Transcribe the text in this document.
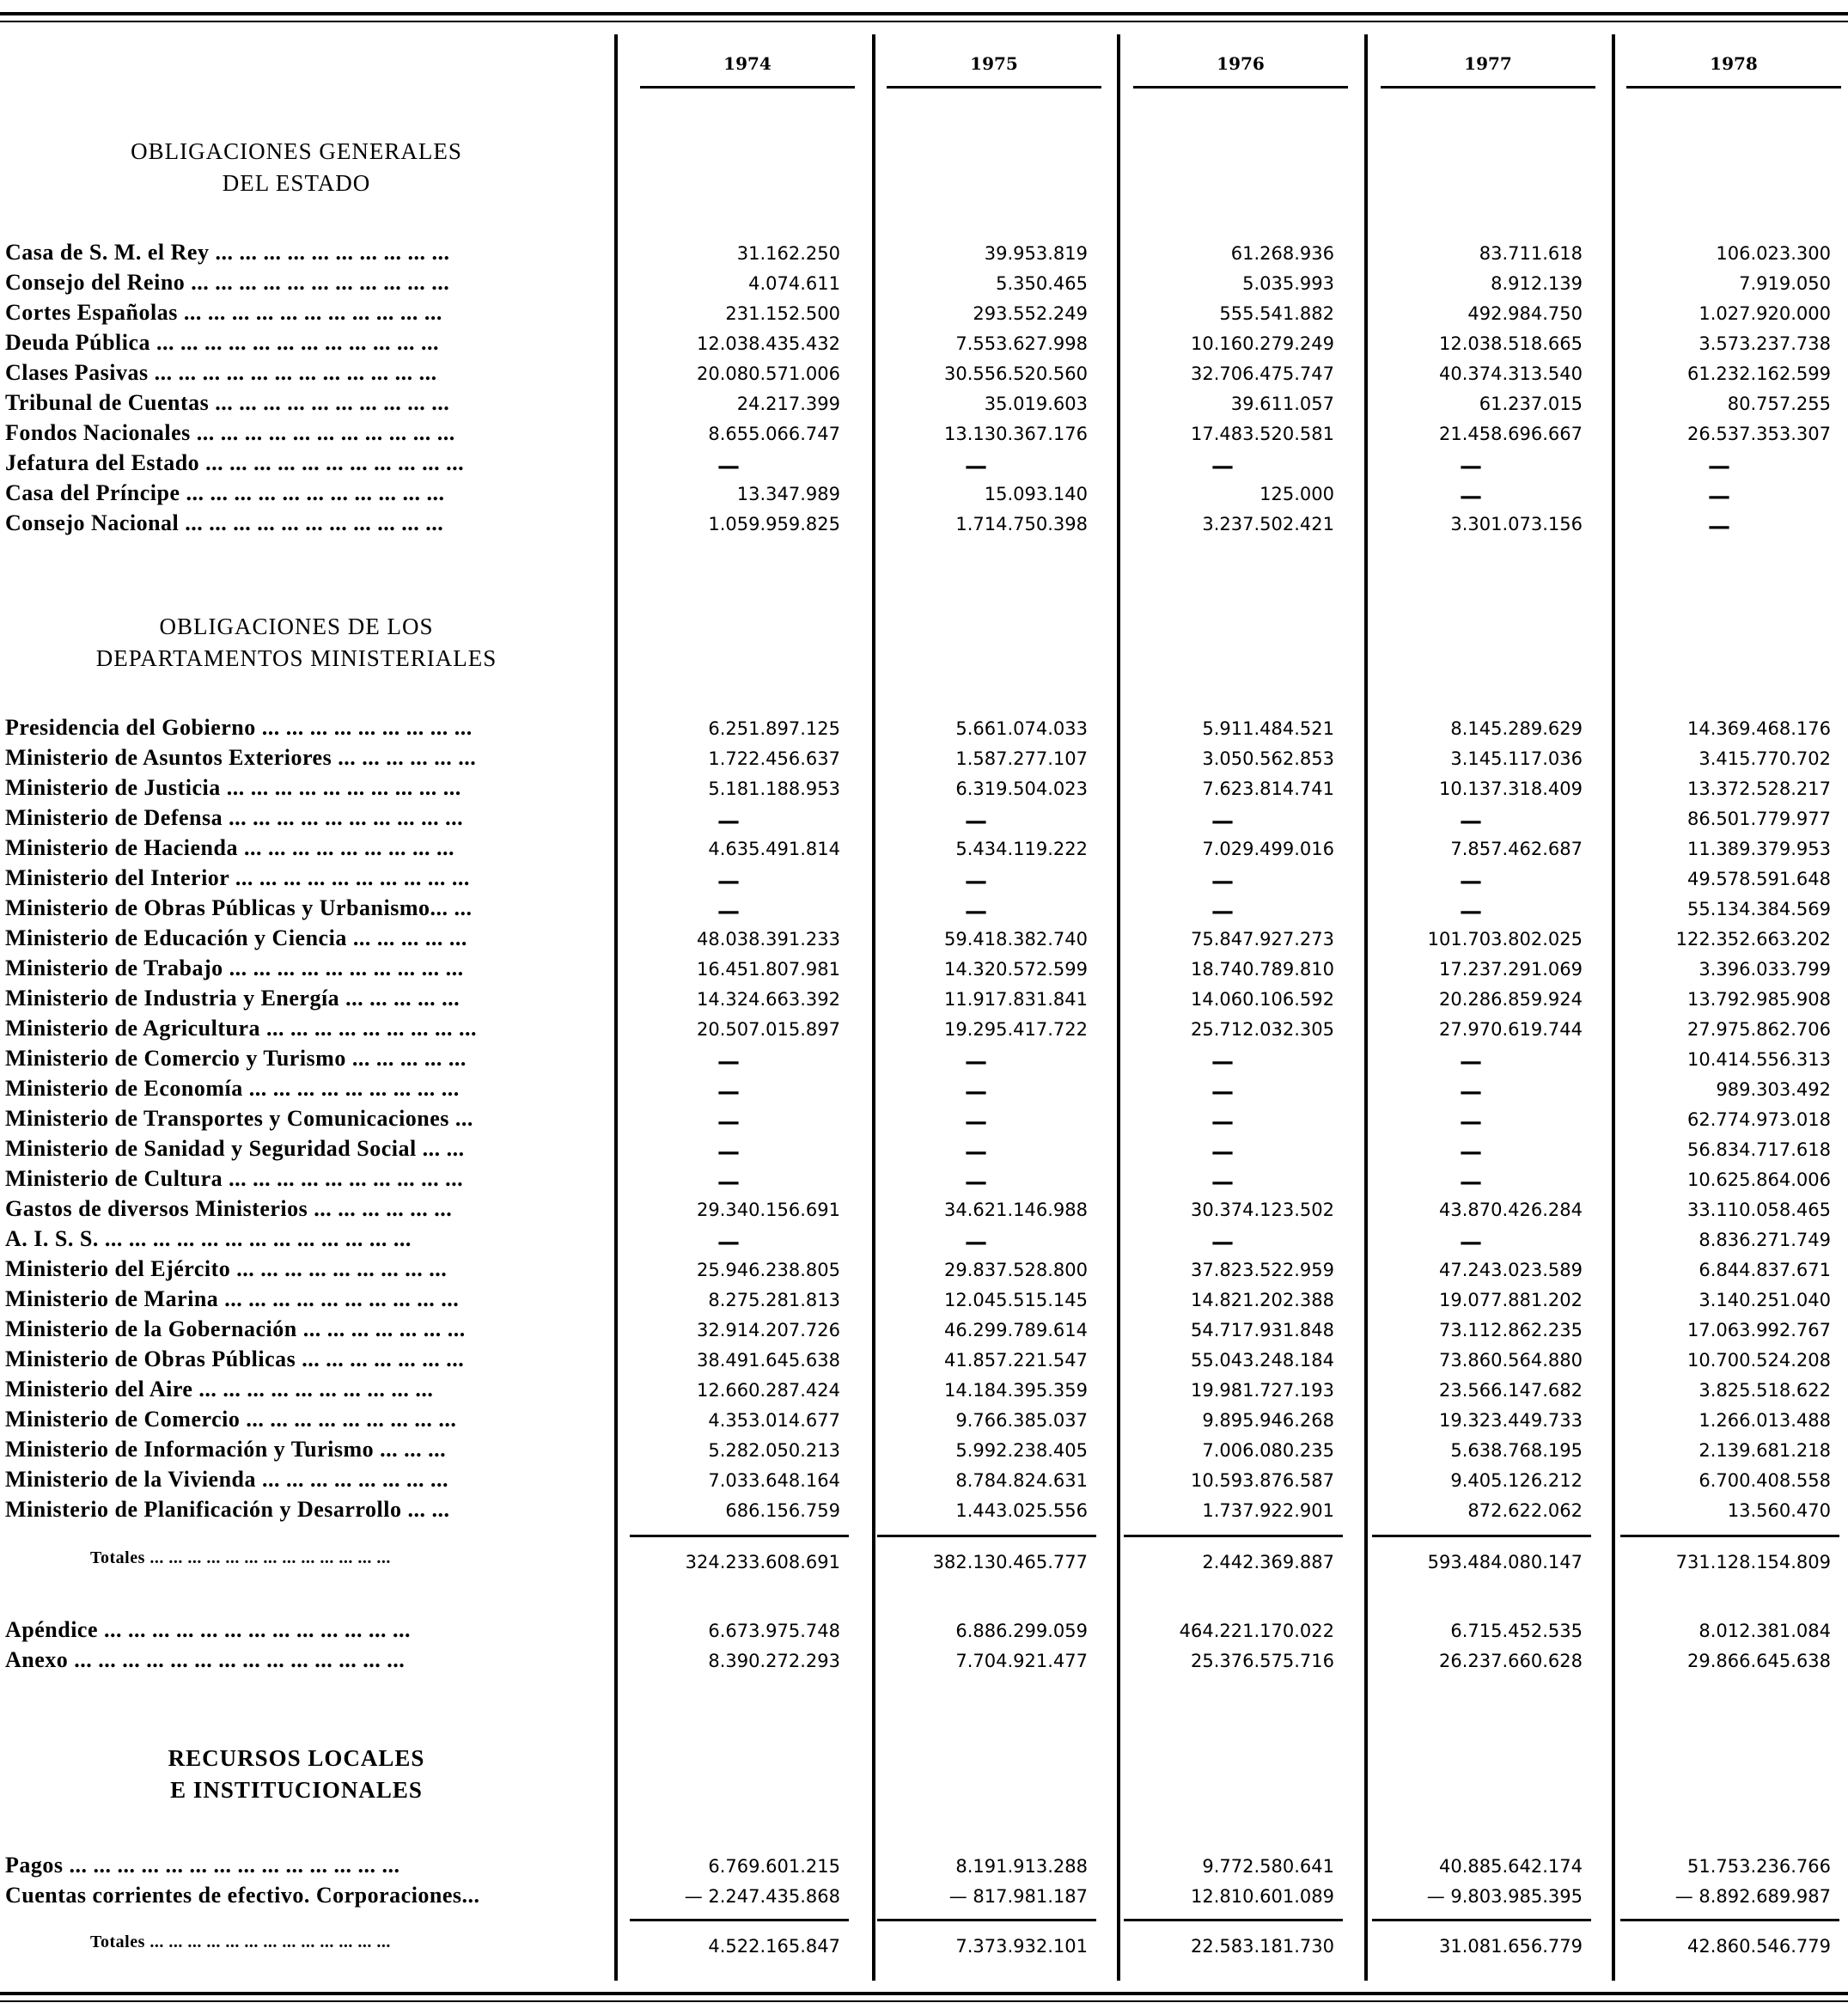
1974	1975	1976	1977	1978
OBLIGACIONES GENERALES
DEL ESTADO
OBLIGACIONES DE LOS
DEPARTAMENTOS MINISTERIALES
RECURSOS LOCALES
E INSTITUCIONALES
Casa de S. M. el Rey ... ... ... ... ... ... ... ... ... ...	31.162.250	39.953.819	61.268.936	83.711.618	106.023.300
Consejo del Reino ... ... ... ... ... ... ... ... ... ... ...	4.074.611	5.350.465	5.035.993	8.912.139	7.919.050
Cortes Españolas ... ... ... ... ... ... ... ... ... ... ...	231.152.500	293.552.249	555.541.882	492.984.750	1.027.920.000
Deuda Pública ... ... ... ... ... ... ... ... ... ... ... ...	12.038.435.432	7.553.627.998	10.160.279.249	12.038.518.665	3.573.237.738
Clases Pasivas ... ... ... ... ... ... ... ... ... ... ... ...	20.080.571.006	30.556.520.560	32.706.475.747	40.374.313.540	61.232.162.599
Tribunal de Cuentas ... ... ... ... ... ... ... ... ... ...	24.217.399	35.019.603	39.611.057	61.237.015	80.757.255
Fondos Nacionales ... ... ... ... ... ... ... ... ... ... ...	8.655.066.747	13.130.367.176	17.483.520.581	21.458.696.667	26.537.353.307
Jefatura del Estado ... ... ... ... ... ... ... ... ... ... ...	—	—	—	—	—
Casa del Príncipe ... ... ... ... ... ... ... ... ... ... ...	13.347.989	15.093.140	125.000	—	—
Consejo Nacional ... ... ... ... ... ... ... ... ... ... ...	1.059.959.825	1.714.750.398	3.237.502.421	3.301.073.156	—
Presidencia del Gobierno ... ... ... ... ... ... ... ... ...	6.251.897.125	5.661.074.033	5.911.484.521	8.145.289.629	14.369.468.176
Ministerio de Asuntos Exteriores ... ... ... ... ... ...	1.722.456.637	1.587.277.107	3.050.562.853	3.145.117.036	3.415.770.702
Ministerio de Justicia ... ... ... ... ... ... ... ... ... ...	5.181.188.953	6.319.504.023	7.623.814.741	10.137.318.409	13.372.528.217
Ministerio de Defensa ... ... ... ... ... ... ... ... ... ...	—	—	—	—	86.501.779.977
Ministerio de Hacienda ... ... ... ... ... ... ... ... ...	4.635.491.814	5.434.119.222	7.029.499.016	7.857.462.687	11.389.379.953
Ministerio del Interior ... ... ... ... ... ... ... ... ... ...	—	—	—	—	49.578.591.648
Ministerio de Obras Públicas y Urbanismo... ...	—	—	—	—	55.134.384.569
Ministerio de Educación y Ciencia ... ... ... ... ...	48.038.391.233	59.418.382.740	75.847.927.273	101.703.802.025	122.352.663.202
Ministerio de Trabajo ... ... ... ... ... ... ... ... ... ...	16.451.807.981	14.320.572.599	18.740.789.810	17.237.291.069	3.396.033.799
Ministerio de Industria y Energía ... ... ... ... ...	14.324.663.392	11.917.831.841	14.060.106.592	20.286.859.924	13.792.985.908
Ministerio de Agricultura ... ... ... ... ... ... ... ... ...	20.507.015.897	19.295.417.722	25.712.032.305	27.970.619.744	27.975.862.706
Ministerio de Comercio y Turismo ... ... ... ... ...	—	—	—	—	10.414.556.313
Ministerio de Economía ... ... ... ... ... ... ... ... ...	—	—	—	—	989.303.492
Ministerio de Transportes y Comunicaciones ...	—	—	—	—	62.774.973.018
Ministerio de Sanidad y Seguridad Social ... ...	—	—	—	—	56.834.717.618
Ministerio de Cultura ... ... ... ... ... ... ... ... ... ...	—	—	—	—	10.625.864.006
Gastos de diversos Ministerios ... ... ... ... ... ...	29.340.156.691	34.621.146.988	30.374.123.502	43.870.426.284	33.110.058.465
A. I. S. S. ... ... ... ... ... ... ... ... ... ... ... ... ...	—	—	—	—	8.836.271.749
Ministerio del Ejército ... ... ... ... ... ... ... ... ...	25.946.238.805	29.837.528.800	37.823.522.959	47.243.023.589	6.844.837.671
Ministerio de Marina ... ... ... ... ... ... ... ... ... ...	8.275.281.813	12.045.515.145	14.821.202.388	19.077.881.202	3.140.251.040
Ministerio de la Gobernación ... ... ... ... ... ... ...	32.914.207.726	46.299.789.614	54.717.931.848	73.112.862.235	17.063.992.767
Ministerio de Obras Públicas ... ... ... ... ... ... ...	38.491.645.638	41.857.221.547	55.043.248.184	73.860.564.880	10.700.524.208
Ministerio del Aire ... ... ... ... ... ... ... ... ... ...	12.660.287.424	14.184.395.359	19.981.727.193	23.566.147.682	3.825.518.622
Ministerio de Comercio ... ... ... ... ... ... ... ... ...	4.353.014.677	9.766.385.037	9.895.946.268	19.323.449.733	1.266.013.488
Ministerio de Información y Turismo ... ... ...	5.282.050.213	5.992.238.405	7.006.080.235	5.638.768.195	2.139.681.218
Ministerio de la Vivienda ... ... ... ... ... ... ... ...	7.033.648.164	8.784.824.631	10.593.876.587	9.405.126.212	6.700.408.558
Ministerio de Planificación y Desarrollo ... ...	686.156.759	1.443.025.556	1.737.922.901	872.622.062	13.560.470
Totales ... ... ... ... ... ... ... ... ... ... ... ... ...	324.233.608.691	382.130.465.777	2.442.369.887	593.484.080.147	731.128.154.809
Apéndice ... ... ... ... ... ... ... ... ... ... ... ... ...	6.673.975.748	6.886.299.059	464.221.170.022	6.715.452.535	8.012.381.084
Anexo ... ... ... ... ... ... ... ... ... ... ... ... ... ...	8.390.272.293	7.704.921.477	25.376.575.716	26.237.660.628	29.866.645.638
Pagos ... ... ... ... ... ... ... ... ... ... ... ... ... ...	6.769.601.215	8.191.913.288	9.772.580.641	40.885.642.174	51.753.236.766
Cuentas corrientes de efectivo. Corporaciones...	— 2.247.435.868	— 817.981.187	12.810.601.089	— 9.803.985.395	— 8.892.689.987
Totales ... ... ... ... ... ... ... ... ... ... ... ... ...	4.522.165.847	7.373.932.101	22.583.181.730	31.081.656.779	42.860.546.779
